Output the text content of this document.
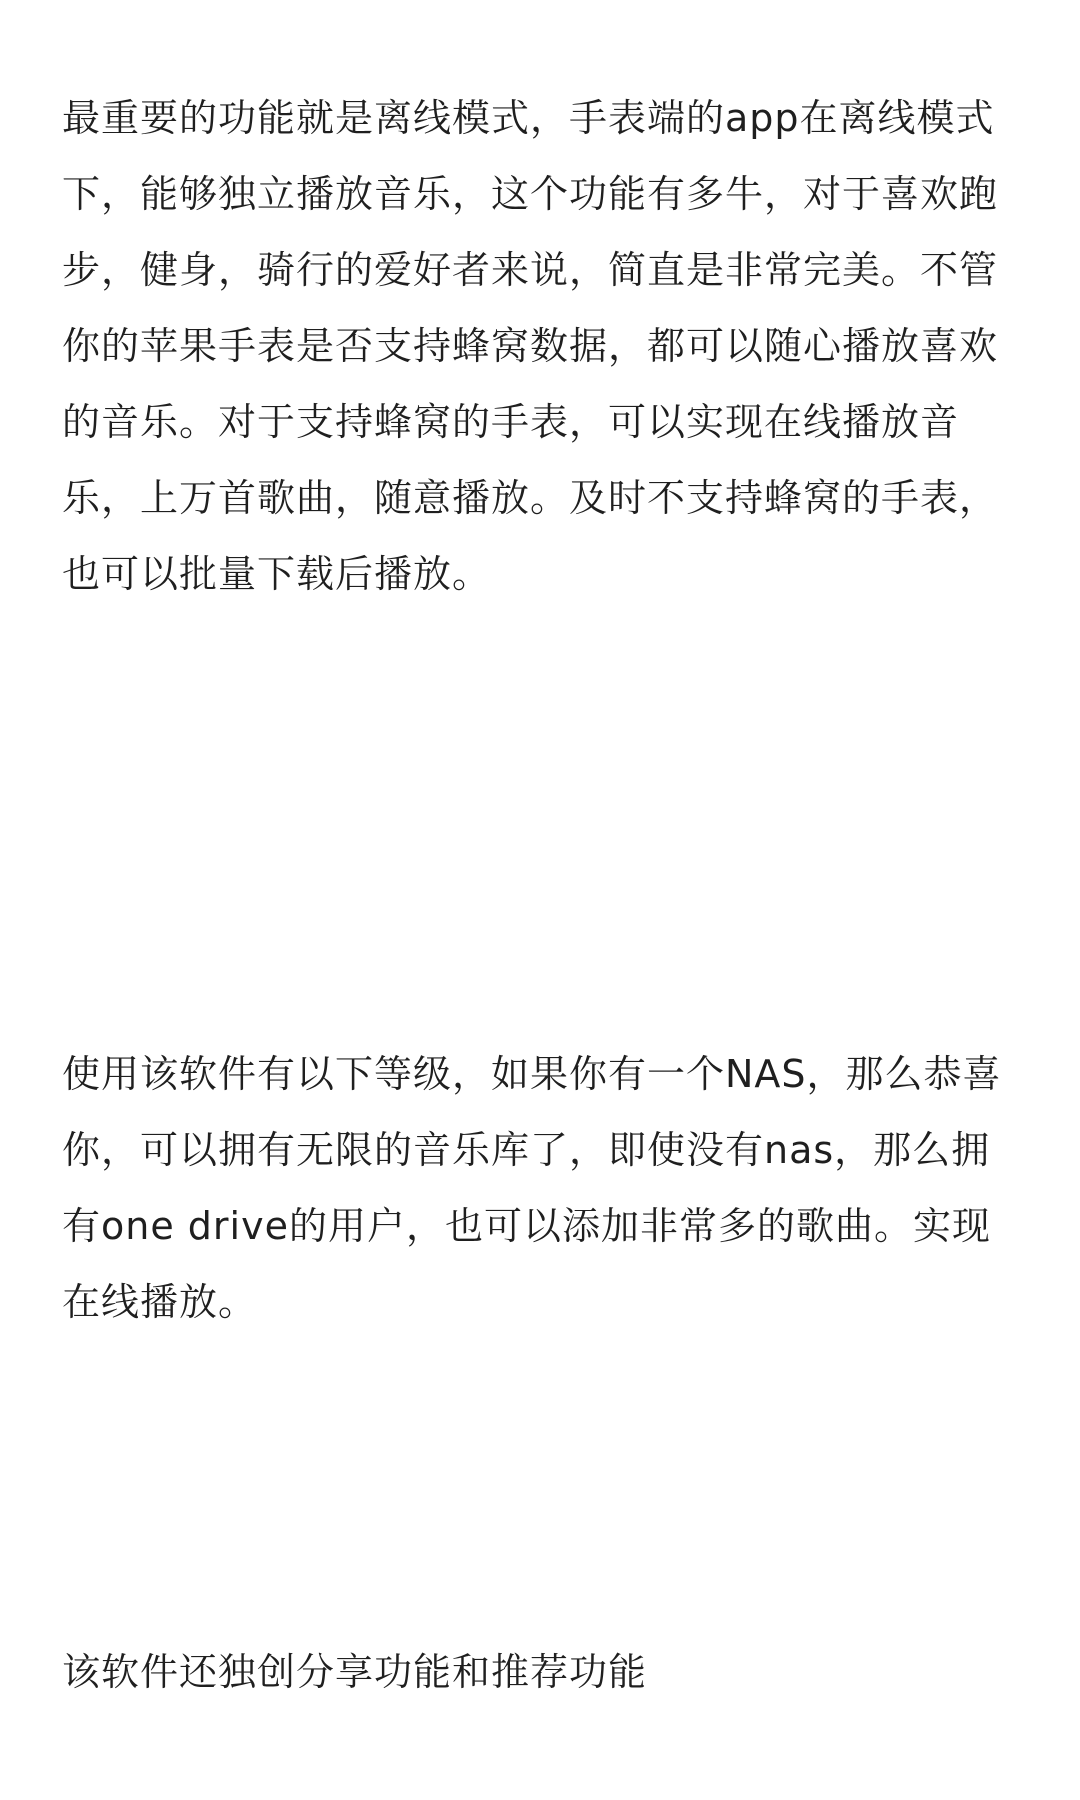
最重要的功能就是离线模式，手表端的app在离线模式下，能够独立播放音乐，这个功能有多牛，对于喜欢跑步，健身，骑行的爱好者来说，简直是非常完美。不管你的苹果手表是否支持蜂窝数据，都可以随心播放喜欢的音乐。对于支持蜂窝的手表，可以实现在线播放音乐，上万首歌曲，随意播放。及时不支持蜂窝的手表，也可以批量下载后播放。

使用该软件有以下等级，如果你有一个NAS，那么恭喜你，可以拥有无限的音乐库了，即使没有nas，那么拥有one drive的用户，也可以添加非常多的歌曲。实现在线播放。

该软件还独创分享功能和推荐功能
